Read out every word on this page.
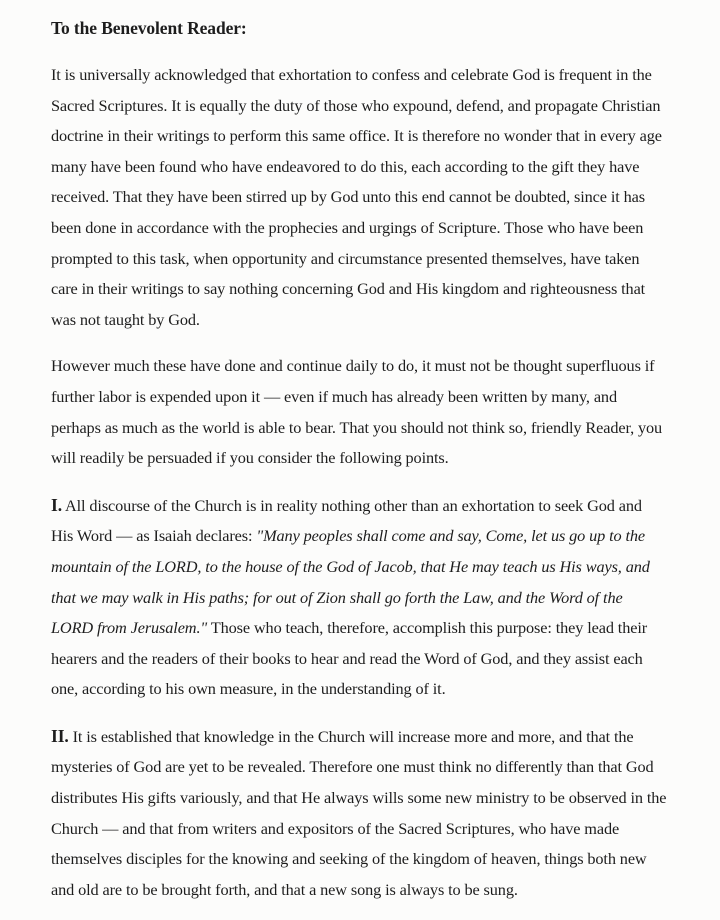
To the Benevolent Reader:

It is universally acknowledged that exhortation to confess and celebrate God is frequent in the Sacred Scriptures. It is equally the duty of those who expound, defend, and propagate Christian doctrine in their writings to perform this same office. It is therefore no wonder that in every age many have been found who have endeavored to do this, each according to the gift they have received. That they have been stirred up by God unto this end cannot be doubted, since it has been done in accordance with the prophecies and urgings of Scripture. Those who have been prompted to this task, when opportunity and circumstance presented themselves, have taken care in their writings to say nothing concerning God and His kingdom and righteousness that was not taught by God.

However much these have done and continue daily to do, it must not be thought superfluous if further labor is expended upon it — even if much has already been written by many, and perhaps as much as the world is able to bear. That you should not think so, friendly Reader, you will readily be persuaded if you consider the following points.

I. All discourse of the Church is in reality nothing other than an exhortation to seek God and His Word — as Isaiah declares: "Many peoples shall come and say, Come, let us go up to the mountain of the LORD, to the house of the God of Jacob, that He may teach us His ways, and that we may walk in His paths; for out of Zion shall go forth the Law, and the Word of the LORD from Jerusalem." Those who teach, therefore, accomplish this purpose: they lead their hearers and the readers of their books to hear and read the Word of God, and they assist each one, according to his own measure, in the understanding of it.

II. It is established that knowledge in the Church will increase more and more, and that the mysteries of God are yet to be revealed. Therefore one must think no differently than that God distributes His gifts variously, and that He always wills some new ministry to be observed in the Church — and that from writers and expositors of the Sacred Scriptures, who have made themselves disciples for the knowing and seeking of the kingdom of heaven, things both new and old are to be brought forth, and that a new song is always to be sung.
